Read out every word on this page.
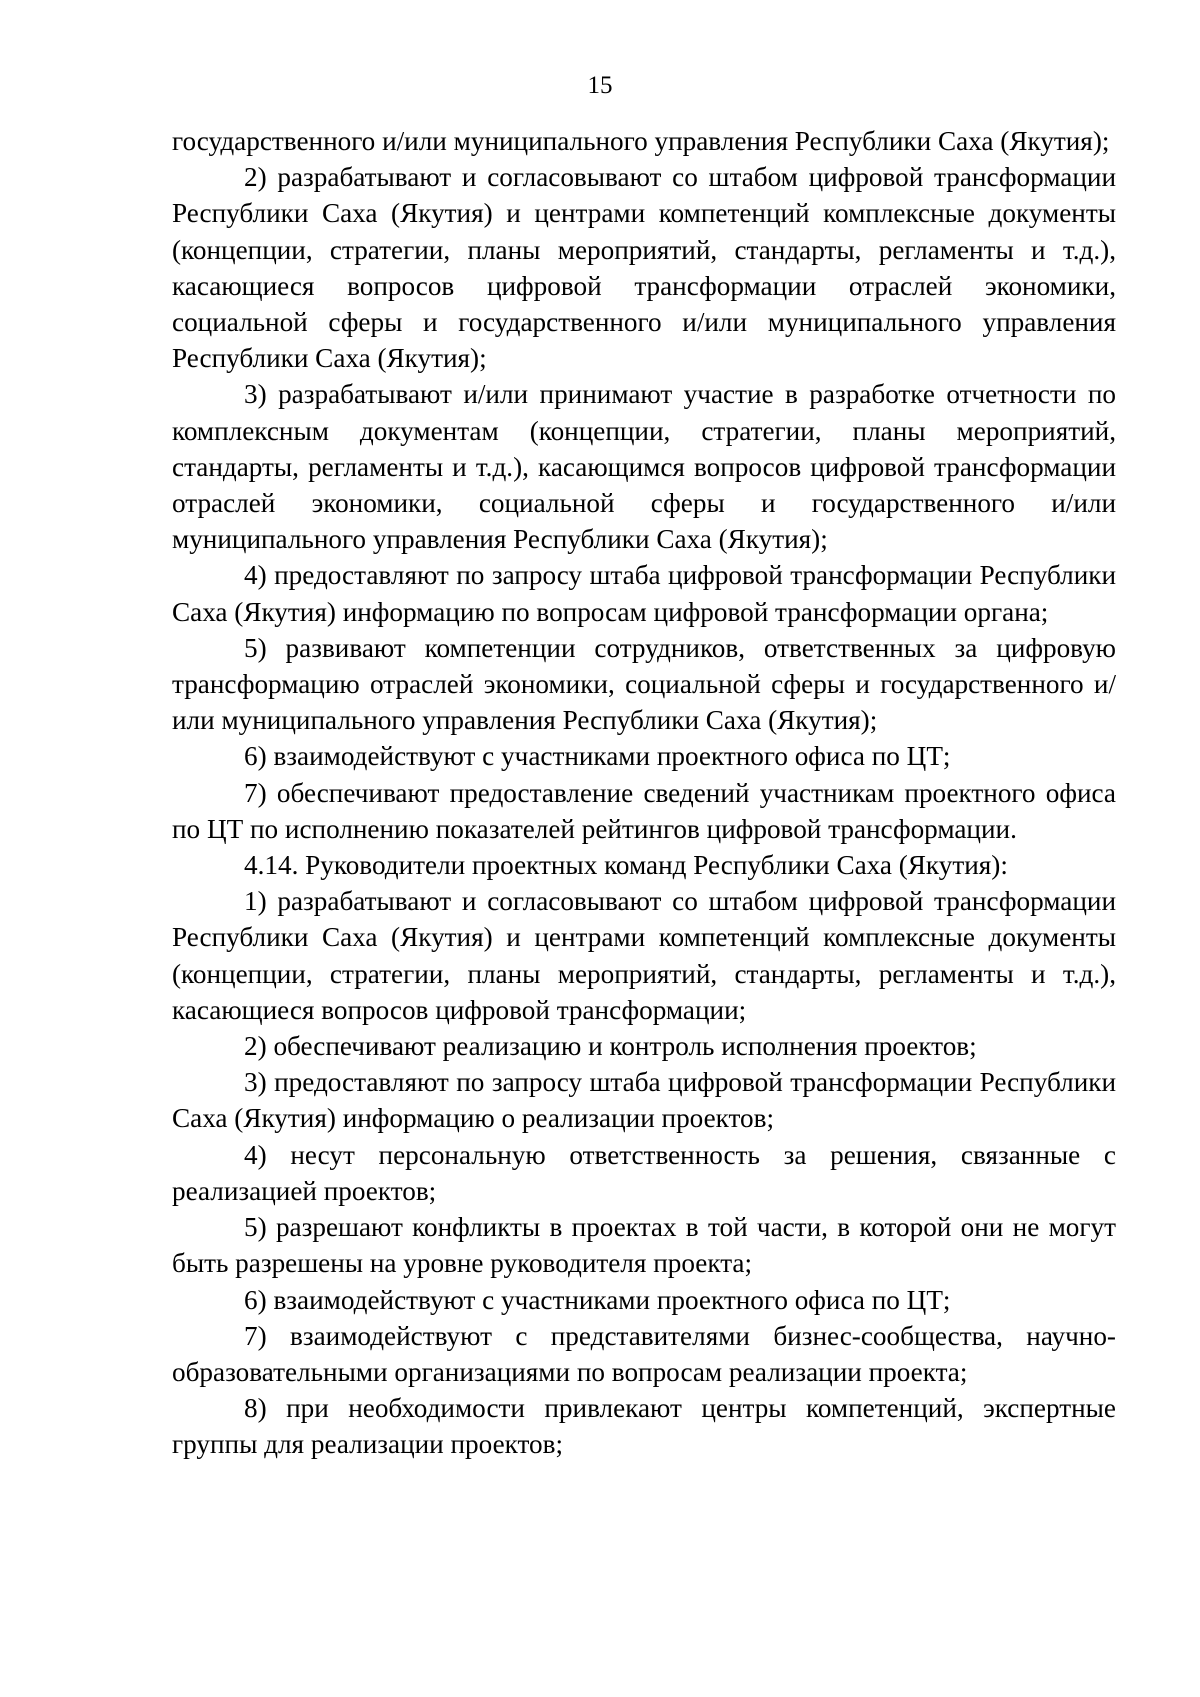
15

государственного и/или муниципального управления Республики Саха (Якутия);

2) разрабатывают и согласовывают со штабом цифровой трансформации Республики Саха (Якутия) и центрами компетенций комплексные документы (концепции, стратегии, планы мероприятий, стандарты, регламенты и т.д.), касающиеся вопросов цифровой трансформации отраслей экономики, социальной сферы и государственного и/или муниципального управления Республики Саха (Якутия);

3) разрабатывают и/или принимают участие в разработке отчетности по комплексным документам (концепции, стратегии, планы мероприятий, стандарты, регламенты и т.д.), касающимся вопросов цифровой трансформации отраслей экономики, социальной сферы и государственного и/или муниципального управления Республики Саха (Якутия);

4) предоставляют по запросу штаба цифровой трансформации Республики Саха (Якутия) информацию по вопросам цифровой трансформации органа;

5) развивают компетенции сотрудников, ответственных за цифровую трансформацию отраслей экономики, социальной сферы и государственного и/или муниципального управления Республики Саха (Якутия);

6) взаимодействуют с участниками проектного офиса по ЦТ;

7) обеспечивают предоставление сведений участникам проектного офиса по ЦТ по исполнению показателей рейтингов цифровой трансформации.

4.14. Руководители проектных команд Республики Саха (Якутия):

1) разрабатывают и согласовывают со штабом цифровой трансформации Республики Саха (Якутия) и центрами компетенций комплексные документы (концепции, стратегии, планы мероприятий, стандарты, регламенты и т.д.), касающиеся вопросов цифровой трансформации;

2) обеспечивают реализацию и контроль исполнения проектов;

3) предоставляют по запросу штаба цифровой трансформации Республики Саха (Якутия) информацию о реализации проектов;

4) несут персональную ответственность за решения, связанные с реализацией проектов;

5) разрешают конфликты в проектах в той части, в которой они не могут быть разрешены на уровне руководителя проекта;

6) взаимодействуют с участниками проектного офиса по ЦТ;

7) взаимодействуют с представителями бизнес-сообщества, научно-образовательными организациями по вопросам реализации проекта;

8) при необходимости привлекают центры компетенций, экспертные группы для реализации проектов;
